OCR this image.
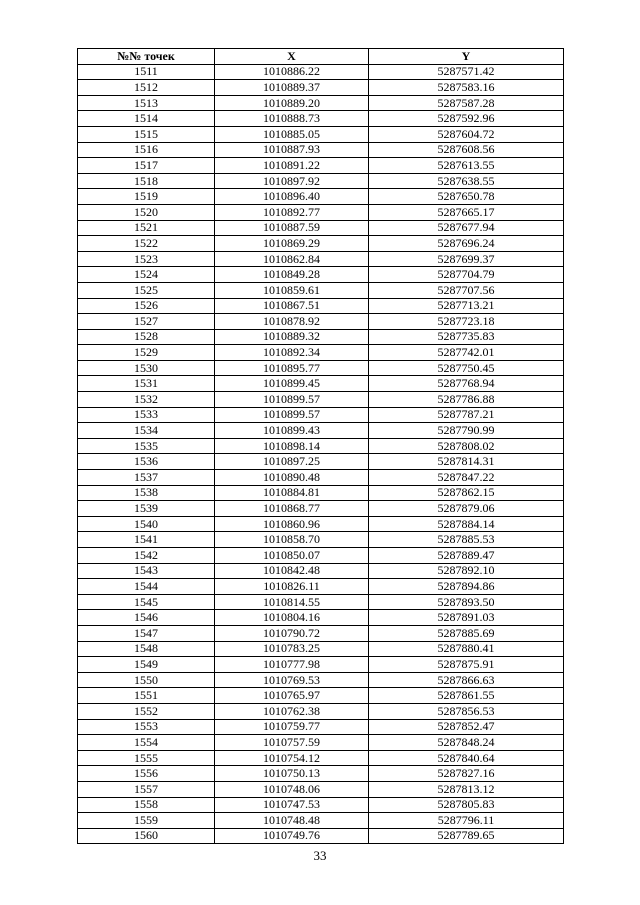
№№ точек	X	Y
1511	1010886.22	5287571.42
1512	1010889.37	5287583.16
1513	1010889.20	5287587.28
1514	1010888.73	5287592.96
1515	1010885.05	5287604.72
1516	1010887.93	5287608.56
1517	1010891.22	5287613.55
1518	1010897.92	5287638.55
1519	1010896.40	5287650.78
1520	1010892.77	5287665.17
1521	1010887.59	5287677.94
1522	1010869.29	5287696.24
1523	1010862.84	5287699.37
1524	1010849.28	5287704.79
1525	1010859.61	5287707.56
1526	1010867.51	5287713.21
1527	1010878.92	5287723.18
1528	1010889.32	5287735.83
1529	1010892.34	5287742.01
1530	1010895.77	5287750.45
1531	1010899.45	5287768.94
1532	1010899.57	5287786.88
1533	1010899.57	5287787.21
1534	1010899.43	5287790.99
1535	1010898.14	5287808.02
1536	1010897.25	5287814.31
1537	1010890.48	5287847.22
1538	1010884.81	5287862.15
1539	1010868.77	5287879.06
1540	1010860.96	5287884.14
1541	1010858.70	5287885.53
1542	1010850.07	5287889.47
1543	1010842.48	5287892.10
1544	1010826.11	5287894.86
1545	1010814.55	5287893.50
1546	1010804.16	5287891.03
1547	1010790.72	5287885.69
1548	1010783.25	5287880.41
1549	1010777.98	5287875.91
1550	1010769.53	5287866.63
1551	1010765.97	5287861.55
1552	1010762.38	5287856.53
1553	1010759.77	5287852.47
1554	1010757.59	5287848.24
1555	1010754.12	5287840.64
1556	1010750.13	5287827.16
1557	1010748.06	5287813.12
1558	1010747.53	5287805.83
1559	1010748.48	5287796.11
1560	1010749.76	5287789.65
33
